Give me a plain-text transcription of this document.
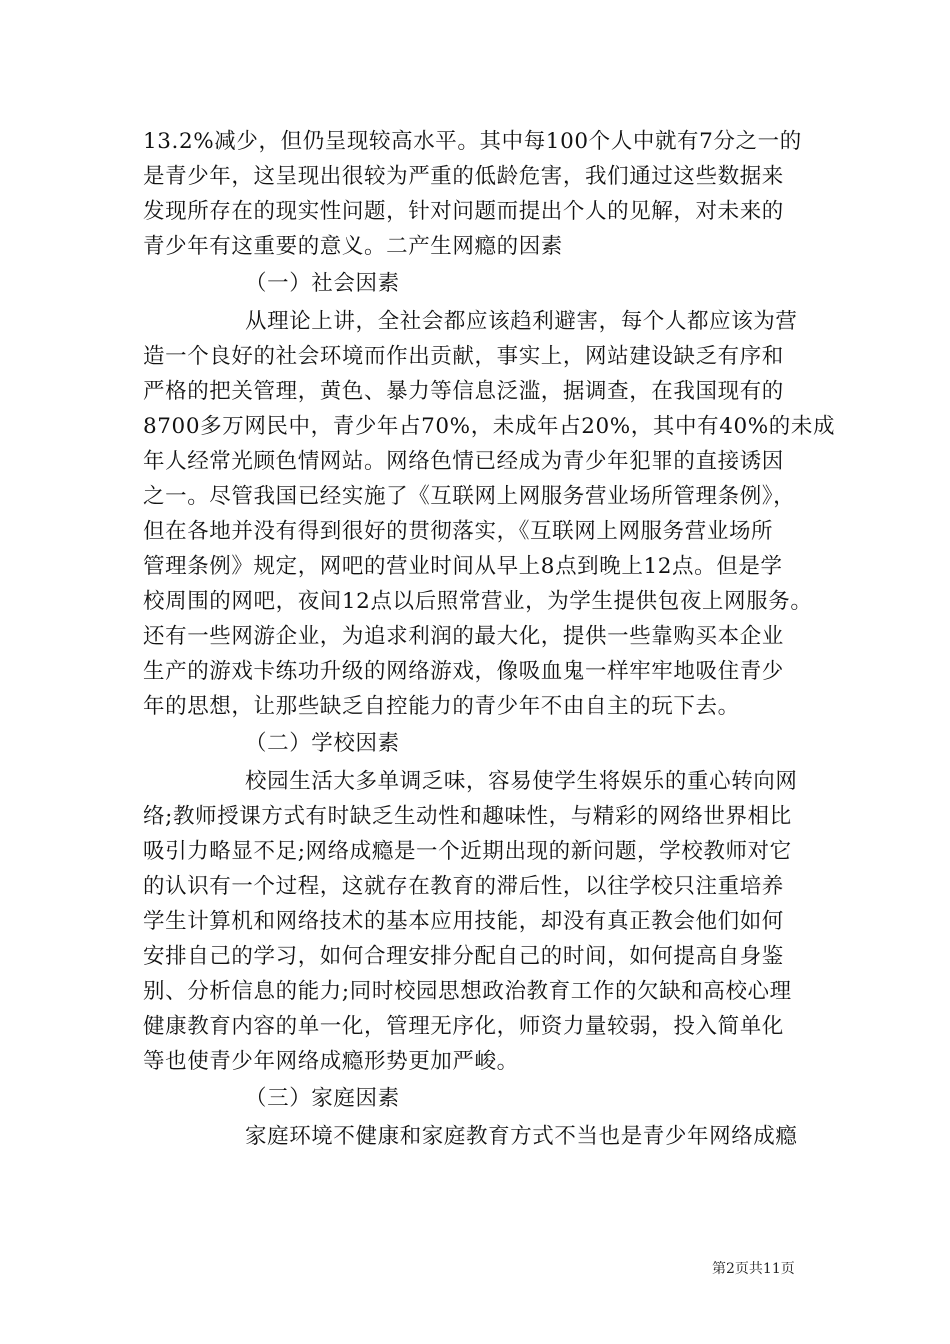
13.2%减少，但仍呈现较高水平。其中每100个人中就有7分之一的
是青少年，这呈现出很较为严重的低龄危害，我们通过这些数据来
发现所存在的现实性问题，针对问题而提出个人的见解，对未来的
青少年有这重要的意义。二产生网瘾的因素
（一）社会因素
从理论上讲，全社会都应该趋利避害，每个人都应该为营
造一个良好的社会环境而作出贡献，事实上，网站建设缺乏有序和
严格的把关管理，黄色、暴力等信息泛滥，据调查，在我国现有的
8700多万网民中，青少年占70%，未成年占20%，其中有40%的未成
年人经常光顾色情网站。网络色情已经成为青少年犯罪的直接诱因
之一。尽管我国已经实施了《互联网上网服务营业场所管理条例》，
但在各地并没有得到很好的贯彻落实，《互联网上网服务营业场所
管理条例》规定，网吧的营业时间从早上8点到晚上12点。但是学
校周围的网吧，夜间12点以后照常营业，为学生提供包夜上网服务。
还有一些网游企业，为追求利润的最大化，提供一些靠购买本企业
生产的游戏卡练功升级的网络游戏，像吸血鬼一样牢牢地吸住青少
年的思想，让那些缺乏自控能力的青少年不由自主的玩下去。
（二）学校因素
校园生活大多单调乏味，容易使学生将娱乐的重心转向网
络;教师授课方式有时缺乏生动性和趣味性，与精彩的网络世界相比
吸引力略显不足;网络成瘾是一个近期出现的新问题，学校教师对它
的认识有一个过程，这就存在教育的滞后性，以往学校只注重培养
学生计算机和网络技术的基本应用技能，却没有真正教会他们如何
安排自己的学习，如何合理安排分配自己的时间，如何提高自身鉴
别、分析信息的能力;同时校园思想政治教育工作的欠缺和高校心理
健康教育内容的单一化，管理无序化，师资力量较弱，投入简单化
等也使青少年网络成瘾形势更加严峻。
（三）家庭因素
家庭环境不健康和家庭教育方式不当也是青少年网络成瘾
第2页共11页
